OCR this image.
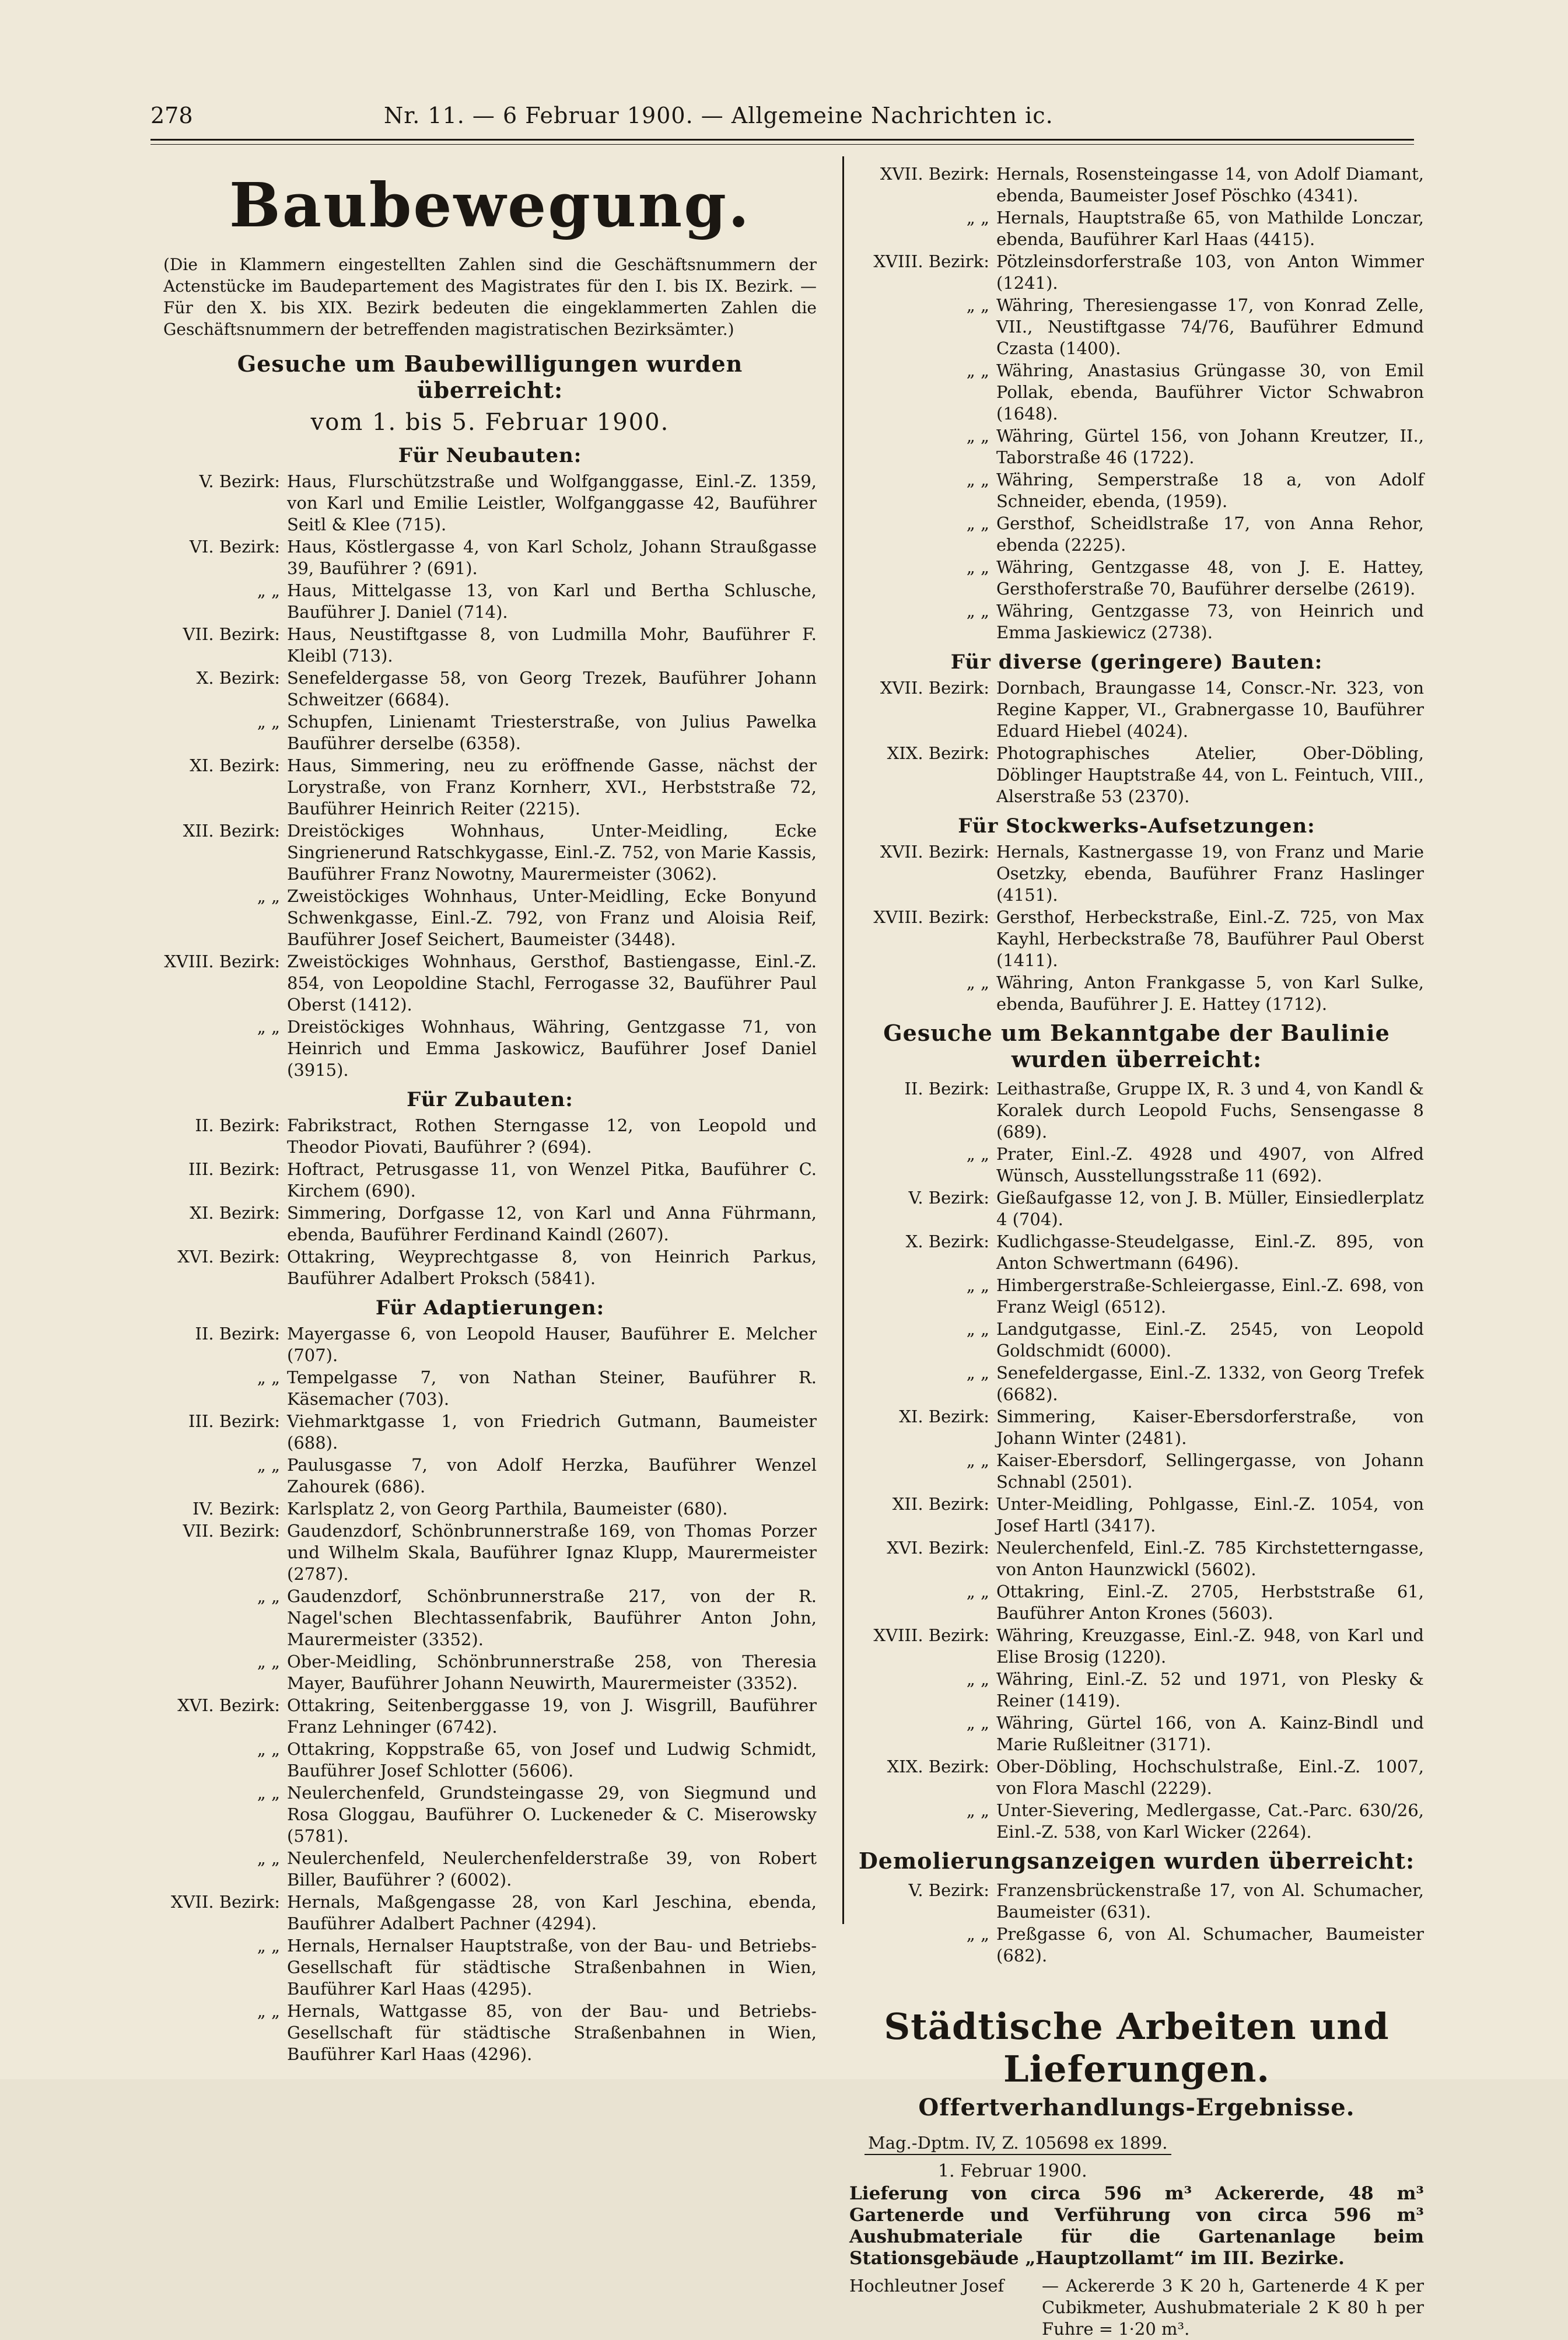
278	Nr. 11. — 6 Februar 1900. — Allgemeine Nachrichten ic.
Baubewegung.
(Die in Klammern eingestellten Zahlen sind die Geschäftsnummern der Actenstücke im Baudepartement des Magistrates für den I. bis IX. Bezirk. — Für den X. bis XIX. Bezirk bedeuten die eingeklammerten Zahlen die Geschäftsnummern der betreffenden magistratischen Bezirksämter.)
Gesuche um Baubewilligungen wurden überreicht:
vom 1. bis 5. Februar 1900.
Für Neubauten:
V. Bezirk: Haus, Flurschützstraße und Wolfganggasse, Einl.-Z. 1359, von Karl und Emilie Leistler, Wolfganggasse 42, Bauführer Seitl & Klee (715).
VI. Bezirk: Haus, Köstlergasse 4, von Karl Scholz, Johann Straußgasse 39, Bauführer ? (691).
„ „ Haus, Mittelgasse 13, von Karl und Bertha Schlusche, Bauführer J. Daniel (714).
VII. Bezirk: Haus, Neustiftgasse 8, von Ludmilla Mohr, Bauführer F. Kleibl (713).
X. Bezirk: Senefeldergasse 58, von Georg Trezek, Bauführer Johann Schweitzer (6684).
„ „ Schupfen, Linienamt Triesterstraße, von Julius Pawelka Bauführer derselbe (6358).
XI. Bezirk: Haus, Simmering, neu zu eröffnende Gasse, nächst der Lorystraße, von Franz Kornherr, XVI., Herbststraße 72, Bauführer Heinrich Reiter (2215).
XII. Bezirk: Dreistöckiges Wohnhaus, Unter-Meidling, Ecke Singrienerund Ratschkygasse, Einl.-Z. 752, von Marie Kassis, Bauführer Franz Nowotny, Maurermeister (3062).
„ „ Zweistöckiges Wohnhaus, Unter-Meidling, Ecke Bonyund Schwenkgasse, Einl.-Z. 792, von Franz und Aloisia Reif, Bauführer Josef Seichert, Baumeister (3448).
XVIII. Bezirk: Zweistöckiges Wohnhaus, Gersthof, Bastiengasse, Einl.-Z. 854, von Leopoldine Stachl, Ferrogasse 32, Bauführer Paul Oberst (1412).
„ „ Dreistöckiges Wohnhaus, Währing, Gentzgasse 71, von Heinrich und Emma Jaskowicz, Bauführer Josef Daniel (3915).
Für Zubauten:
II. Bezirk: Fabrikstract, Rothen Sterngasse 12, von Leopold und Theodor Piovati, Bauführer ? (694).
III. Bezirk: Hoftract, Petrusgasse 11, von Wenzel Pitka, Bauführer C. Kirchem (690).
XI. Bezirk: Simmering, Dorfgasse 12, von Karl und Anna Führmann, ebenda, Bauführer Ferdinand Kaindl (2607).
XVI. Bezirk: Ottakring, Weyprechtgasse 8, von Heinrich Parkus, Bauführer Adalbert Proksch (5841).
Für Adaptierungen:
II. Bezirk: Mayergasse 6, von Leopold Hauser, Bauführer E. Melcher (707).
„ „ Tempelgasse 7, von Nathan Steiner, Bauführer R. Käsemacher (703).
III. Bezirk: Viehmarktgasse 1, von Friedrich Gutmann, Baumeister (688).
„ „ Paulusgasse 7, von Adolf Herzka, Bauführer Wenzel Zahourek (686).
IV. Bezirk: Karlsplatz 2, von Georg Parthila, Baumeister (680).
VII. Bezirk: Gaudenzdorf, Schönbrunnerstraße 169, von Thomas Porzer und Wilhelm Skala, Bauführer Ignaz Klupp, Maurermeister (2787).
„ „ Gaudenzdorf, Schönbrunnerstraße 217, von der R. Nagel'schen Blechtassenfabrik, Bauführer Anton John, Maurermeister (3352).
„ „ Ober-Meidling, Schönbrunnerstraße 258, von Theresia Mayer, Bauführer Johann Neuwirth, Maurermeister (3352).
XVI. Bezirk: Ottakring, Seitenberggasse 19, von J. Wisgrill, Bauführer Franz Lehninger (6742).
„ „ Ottakring, Koppstraße 65, von Josef und Ludwig Schmidt, Bauführer Josef Schlotter (5606).
„ „ Neulerchenfeld, Grundsteingasse 29, von Siegmund und Rosa Gloggau, Bauführer O. Luckeneder & C. Miserowsky (5781).
„ „ Neulerchenfeld, Neulerchenfelderstraße 39, von Robert Biller, Bauführer ? (6002).
XVII. Bezirk: Hernals, Maßgengasse 28, von Karl Jeschina, ebenda, Bauführer Adalbert Pachner (4294).
„ „ Hernals, Hernalser Hauptstraße, von der Bau- und Betriebs-Gesellschaft für städtische Straßenbahnen in Wien, Bauführer Karl Haas (4295).
„ „ Hernals, Wattgasse 85, von der Bau- und Betriebs-Gesellschaft für städtische Straßenbahnen in Wien, Bauführer Karl Haas (4296).
XVII. Bezirk: Hernals, Rosensteingasse 14, von Adolf Diamant, ebenda, Baumeister Josef Pöschko (4341).
„ „ Hernals, Hauptstraße 65, von Mathilde Lonczar, ebenda, Bauführer Karl Haas (4415).
XVIII. Bezirk: Pötzleinsdorferstraße 103, von Anton Wimmer (1241).
„ „ Währing, Theresiengasse 17, von Konrad Zelle, VII., Neustiftgasse 74/76, Bauführer Edmund Czasta (1400).
„ „ Währing, Anastasius Grüngasse 30, von Emil Pollak, ebenda, Bauführer Victor Schwabron (1648).
„ „ Währing, Gürtel 156, von Johann Kreutzer, II., Taborstraße 46 (1722).
„ „ Währing, Semperstraße 18 a, von Adolf Schneider, ebenda, (1959).
„ „ Gersthof, Scheidlstraße 17, von Anna Rehor, ebenda (2225).
„ „ Währing, Gentzgasse 48, von J. E. Hattey, Gersthoferstraße 70, Bauführer derselbe (2619).
„ „ Währing, Gentzgasse 73, von Heinrich und Emma Jaskiewicz (2738).
Für diverse (geringere) Bauten:
XVII. Bezirk: Dornbach, Braungasse 14, Conscr.-Nr. 323, von Regine Kapper, VI., Grabnergasse 10, Bauführer Eduard Hiebel (4024).
XIX. Bezirk: Photographisches Atelier, Ober-Döbling, Döblinger Hauptstraße 44, von L. Feintuch, VIII., Alserstraße 53 (2370).
Für Stockwerks-Aufsetzungen:
XVII. Bezirk: Hernals, Kastnergasse 19, von Franz und Marie Osetzky, ebenda, Bauführer Franz Haslinger (4151).
XVIII. Bezirk: Gersthof, Herbeckstraße, Einl.-Z. 725, von Max Kayhl, Herbeckstraße 78, Bauführer Paul Oberst (1411).
„ „ Währing, Anton Frankgasse 5, von Karl Sulke, ebenda, Bauführer J. E. Hattey (1712).
Gesuche um Bekanntgabe der Baulinie wurden überreicht:
II. Bezirk: Leithastraße, Gruppe IX, R. 3 und 4, von Kandl & Koralek durch Leopold Fuchs, Sensengasse 8 (689).
„ „ Prater, Einl.-Z. 4928 und 4907, von Alfred Wünsch, Ausstellungsstraße 11 (692).
V. Bezirk: Gießaufgasse 12, von J. B. Müller, Einsiedlerplatz 4 (704).
X. Bezirk: Kudlichgasse-Steudelgasse, Einl.-Z. 895, von Anton Schwertmann (6496).
„ „ Himbergerstraße-Schleiergasse, Einl.-Z. 698, von Franz Weigl (6512).
„ „ Landgutgasse, Einl.-Z. 2545, von Leopold Goldschmidt (6000).
„ „ Senefeldergasse, Einl.-Z. 1332, von Georg Trefek (6682).
XI. Bezirk: Simmering, Kaiser-Ebersdorferstraße, von Johann Winter (2481).
„ „ Kaiser-Ebersdorf, Sellingergasse, von Johann Schnabl (2501).
XII. Bezirk: Unter-Meidling, Pohlgasse, Einl.-Z. 1054, von Josef Hartl (3417).
XVI. Bezirk: Neulerchenfeld, Einl.-Z. 785 Kirchstetterngasse, von Anton Haunzwickl (5602).
„ „ Ottakring, Einl.-Z. 2705, Herbststraße 61, Bauführer Anton Krones (5603).
XVIII. Bezirk: Währing, Kreuzgasse, Einl.-Z. 948, von Karl und Elise Brosig (1220).
„ „ Währing, Einl.-Z. 52 und 1971, von Plesky & Reiner (1419).
„ „ Währing, Gürtel 166, von A. Kainz-Bindl und Marie Rußleitner (3171).
XIX. Bezirk: Ober-Döbling, Hochschulstraße, Einl.-Z. 1007, von Flora Maschl (2229).
„ „ Unter-Sievering, Medlergasse, Cat.-Parc. 630/26, Einl.-Z. 538, von Karl Wicker (2264).
Demolierungsanzeigen wurden überreicht:
V. Bezirk: Franzensbrückenstraße 17, von Al. Schumacher, Baumeister (631).
„ „ Preßgasse 6, von Al. Schumacher, Baumeister (682).
Städtische Arbeiten und Lieferungen.
Offertverhandlungs-Ergebnisse.
Mag.-Dptm. IV, Z. 105698 ex 1899.
1. Februar 1900.
Lieferung von circa 596 m³ Ackererde, 48 m³ Gartenerde und Verführung von circa 596 m³ Aushubmateriale für die Gartenanlage beim Stationsgebäude „Hauptzollamt“ im III. Bezirke.
Hochleutner Josef	— Ackererde 3 K 20 h, Gartenerde 4 K per Cubikmeter, Aushubmateriale 2 K 80 h per Fuhre = 1·20 m³.
